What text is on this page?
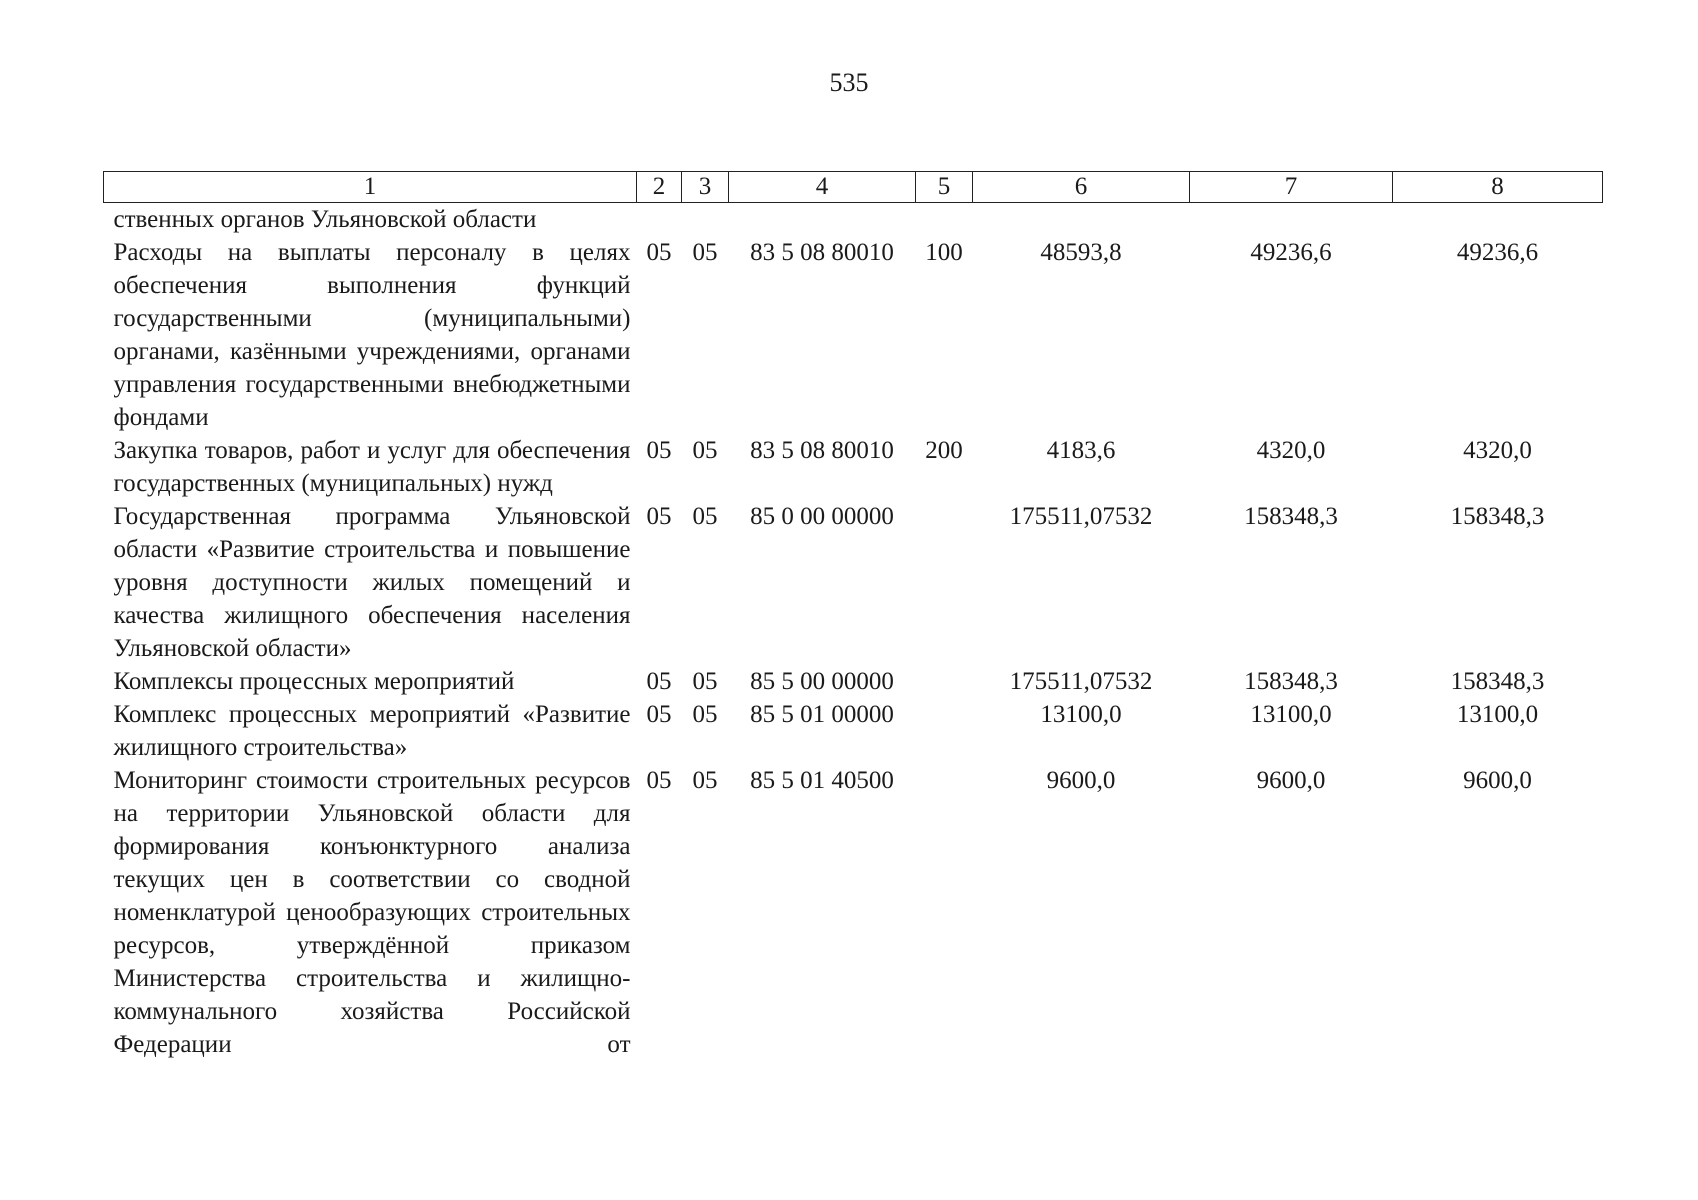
535
1	2	3	4	5	6	7	8
ственных органов Ульяновской области							
Расходы на выплаты персоналу в целях обеспечения выполнения функций государственными (муниципальными) органами, казёнными учреждениями, органами управления государственными внебюджетными фондами	05	05	83 5 08 80010	100	48593,8	49236,6	49236,6
Закупка товаров, работ и услуг для обеспечения государственных (муниципальных) нужд	05	05	83 5 08 80010	200	4183,6	4320,0	4320,0
Государственная программа Ульяновской области «Развитие строительства и повышение уровня доступности жилых помещений и качества жилищного обеспечения населения Ульяновской области»	05	05	85 0 00 00000		175511,07532	158348,3	158348,3
Комплексы процессных мероприятий	05	05	85 5 00 00000		175511,07532	158348,3	158348,3
Комплекс процессных мероприятий «Развитие жилищного строительства»	05	05	85 5 01 00000		13100,0	13100,0	13100,0
Мониторинг стоимости строительных ресурсов на территории Ульяновской области для формирования конъюнктурного анализа текущих цен в соответствии со сводной номенклатурой ценообразующих строительных ресурсов, утверждённой приказом Министерства строительства и жилищно-коммунального хозяйства Российской Федерации от	05	05	85 5 01 40500		9600,0	9600,0	9600,0
